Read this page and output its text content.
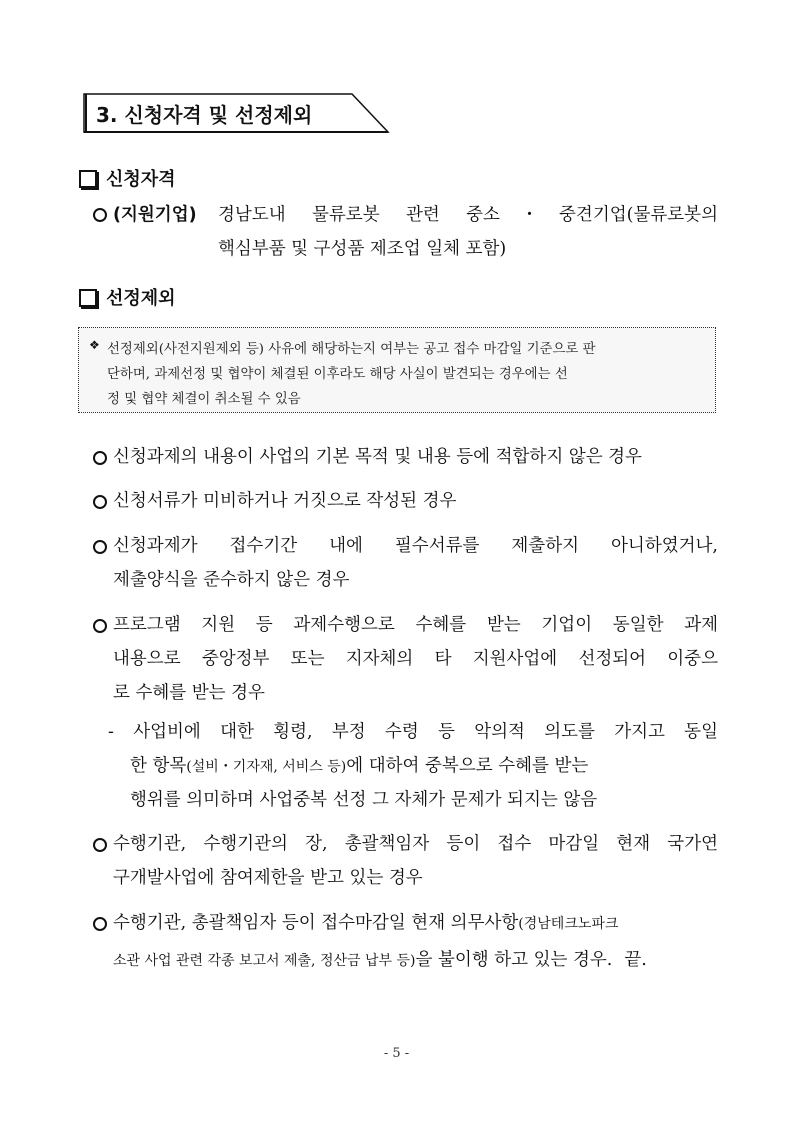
3. 신청자격 및 선정제외
신청자격
(지원기업) 경남도내 물류로봇 관련 중소・중견기업(물류로봇의
핵심부품 및 구성품 제조업 일체 포함)
선정제외
❖ 선정제외(사전지원제외 등) 사유에 해당하는지 여부는 공고 접수 마감일 기준으로 판
단하며, 과제선정 및 협약이 체결된 이후라도 해당 사실이 발견되는 경우에는 선
정 및 협약 체결이 취소될 수 있음
신청과제의 내용이 사업의 기본 목적 및 내용 등에 적합하지 않은 경우
신청서류가 미비하거나 거짓으로 작성된 경우
신청과제가 접수기간 내에 필수서류를 제출하지 아니하였거나,
제출양식을 준수하지 않은 경우
프로그램 지원 등 과제수행으로 수혜를 받는 기업이 동일한 과제
내용으로 중앙정부 또는 지자체의 타 지원사업에 선정되어 이중으
로 수혜를 받는 경우
- 사업비에 대한 횡령, 부정 수령 등 악의적 의도를 가지고 동일
한 항목(설비・기자재, 서비스 등)에 대하여 중복으로 수혜를 받는
행위를 의미하며 사업중복 선정 그 자체가 문제가 되지는 않음
수행기관, 수행기관의 장, 총괄책임자 등이 접수 마감일 현재 국가연
구개발사업에 참여제한을 받고 있는 경우
수행기관, 총괄책임자 등이 접수마감일 현재 의무사항(경남테크노파크
소관 사업 관련 각종 보고서 제출, 정산금 납부 등)을 불이행 하고 있는 경우. 끝.
- 5 -
